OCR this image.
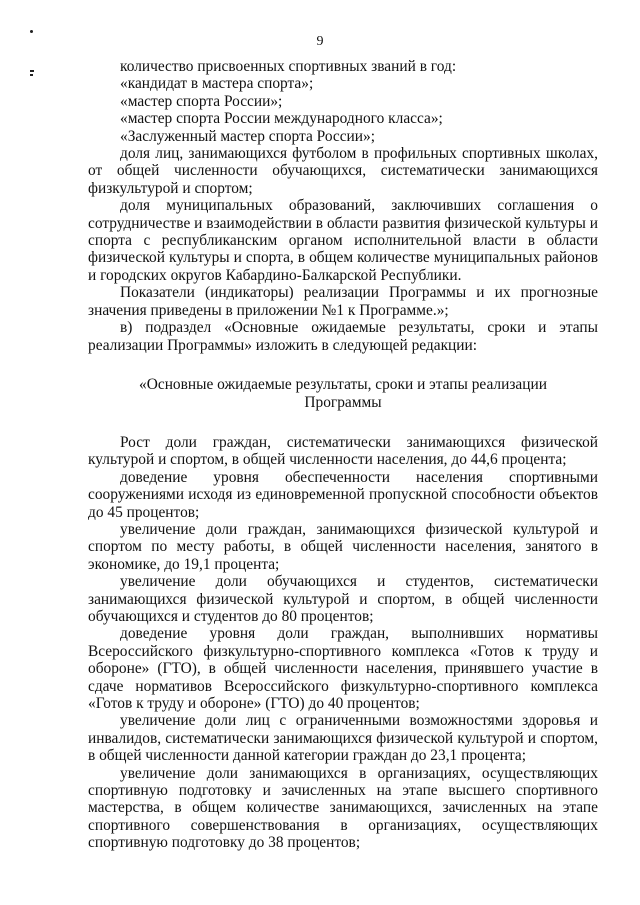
9

количество присвоенных спортивных званий в год:

«кандидат в мастера спорта»;

«мастер спорта России»;

«мастер спорта России международного класса»;

«Заслуженный мастер спорта России»;

доля лиц, занимающихся футболом в профильных спортивных школах, от общей численности обучающихся, систематически занимающихся физкультурой и спортом;

доля муниципальных образований, заключивших соглашения о сотрудничестве и взаимодействии в области развития физической культуры и спорта с республиканским органом исполнительной власти в области физической культуры и спорта, в общем количестве муниципальных районов и городских округов Кабардино-Балкарской Республики.

Показатели (индикаторы) реализации Программы и их прогнозные значения приведены в приложении №1 к Программе.»;

в) подраздел «Основные ожидаемые результаты, сроки и этапы реализации Программы» изложить в следующей редакции:

«Основные ожидаемые результаты, сроки и этапы реализации Программы

Рост доли граждан, систематически занимающихся физической культурой и спортом, в общей численности населения, до 44,6 процента;

доведение уровня обеспеченности населения спортивными сооружениями исходя из единовременной пропускной способности объектов до 45 процентов;

увеличение доли граждан, занимающихся физической культурой и спортом по месту работы, в общей численности населения, занятого в экономике, до 19,1 процента;

увеличение доли обучающихся и студентов, систематически занимающихся физической культурой и спортом, в общей численности обучающихся и студентов до 80 процентов;

доведение уровня доли граждан, выполнивших нормативы Всероссийского физкультурно-спортивного комплекса «Готов к труду и обороне» (ГТО), в общей численности населения, принявшего участие в сдаче нормативов Всероссийского физкультурно-спортивного комплекса «Готов к труду и обороне» (ГТО) до 40 процентов;

увеличение доли лиц с ограниченными возможностями здоровья и инвалидов, систематически занимающихся физической культурой и спортом, в общей численности данной категории граждан до 23,1 процента;

увеличение доли занимающихся в организациях, осуществляющих спортивную подготовку и зачисленных на этапе высшего спортивного мастерства, в общем количестве занимающихся, зачисленных на этапе спортивного совершенствования в организациях, осуществляющих спортивную подготовку до 38 процентов;
